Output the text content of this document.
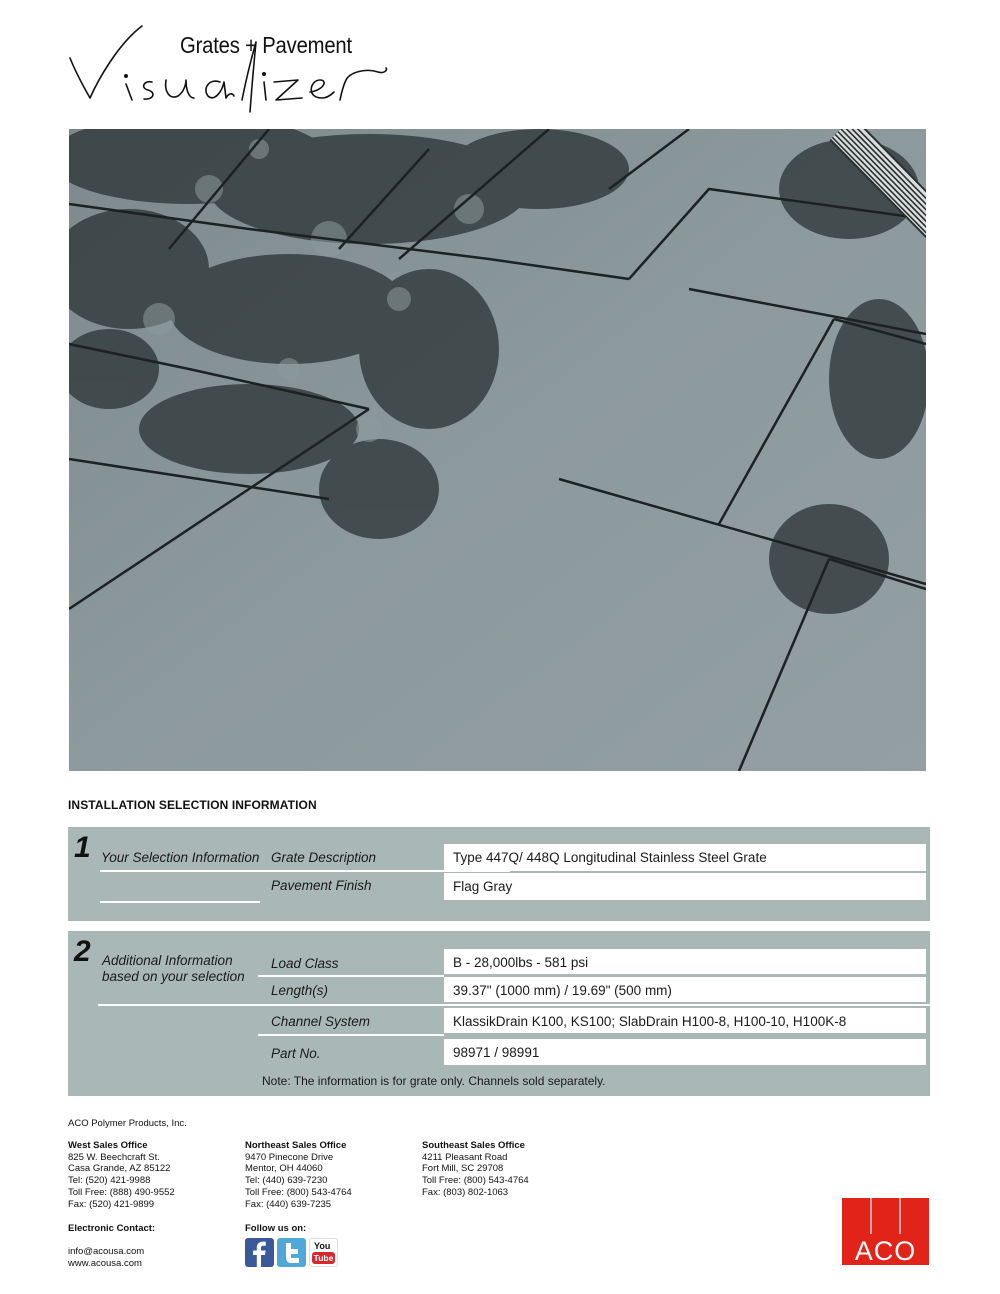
Grates + Pavement
INSTALLATION SELECTION INFORMATION
1 Your Selection Information Grate Description	Type 447Q/ 448Q Longitudinal Stainless Steel Grate
Pavement Finish	Flag Gray
2 Additional Information
based on your selection
Load Class	B - 28,000lbs - 581 psi
Length(s)	39.37" (1000 mm) / 19.69" (500 mm)
Channel System	KlassikDrain K100, KS100; SlabDrain H100-8, H100-10, H100K-8
Part No.	98971 / 98991
Note: The information is for grate only. Channels sold separately.
ACO Polymer Products, Inc.
West Sales Office
825 W. Beechcraft St.
Casa Grande, AZ 85122
Tel: (520) 421-9988
Toll Free: (888) 490-9552
Fax: (520) 421-9899
Northeast Sales Office
9470 Pinecone Drive
Mentor, OH 44060
Tel: (440) 639-7230
Toll Free: (800) 543-4764
Fax: (440) 639-7235
Southeast Sales Office
4211 Pleasant Road
Fort Mill, SC 29708
Toll Free: (800) 543-4764
Fax: (803) 802-1063
Electronic Contact:
info@acousa.com
www.acousa.com
Follow us on:
You
Tube	ACO
